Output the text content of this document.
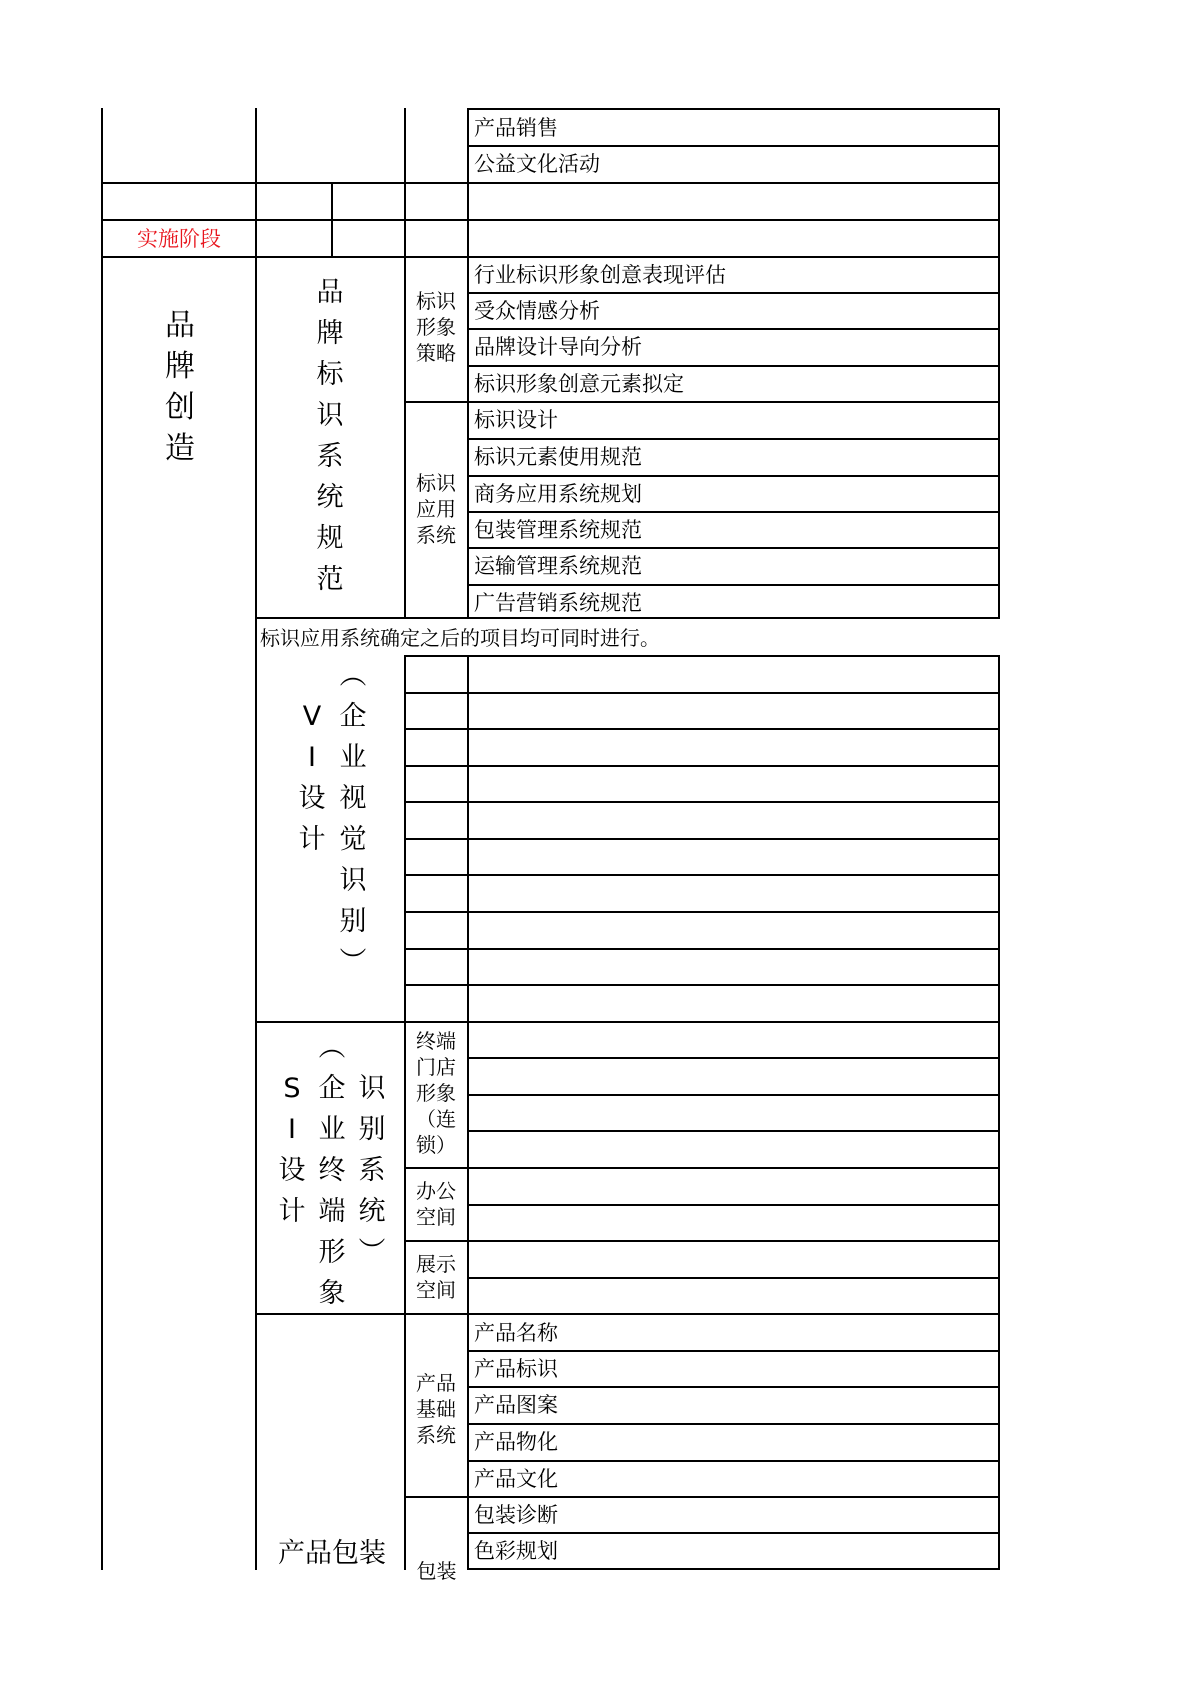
产品销售
公益文化活动
实施阶段
品
牌
创
造
品
牌
标
识
系
统
规
范
标识形象策略
行业标识形象创意表现评估
受众情感分析
品牌设计导向分析
标识形象创意元素拟定
标识应用系统
标识设计
标识元素使用规范
商务应用系统规划
包装管理系统规范
运输管理系统规范
广告营销系统规范
标识应用系统确定之后的项目均可同时进行。
V
I
设
计
︵
企
业
视
觉
识
别
︶
S
I
设
计
︵
企
业
终
端
形
象
识
别
系
统
︶
终端门店形象（连锁）
办公空间
展示空间
产品包装
产品基础系统
产品名称
产品标识
产品图案
产品物化
产品文化
包装诊断
色彩规划
包装
